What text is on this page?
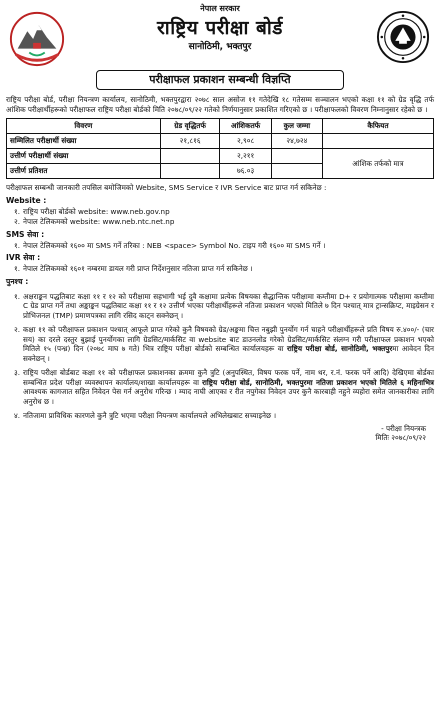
नेपाल सरकार
राष्ट्रिय परीक्षा बोर्ड
सानोठिमी, भक्तपुर
परीक्षाफल प्रकाशन सम्बन्धी विज्ञप्ति

राष्ट्रिय परीक्षा बोर्ड, परीक्षा नियन्त्रण कार्यालय, सानोठिमी, भक्तपुरद्वारा २०७८ साल असोज ११ गतेदेखि १८ गतेसम्म सञ्चालन भएको कक्षा ११ को ग्रेड वृद्धि तर्फ आंशिक परीक्षार्थीहरूको परीक्षाफल राष्ट्रिय परीक्षा बोर्डको मिति २०७८/०९/२२ गतेको निर्णयानुसार प्रकाशित गरिएको छ । परीक्षाफलको विवरण निम्नानुसार रहेको छ ।

विवरण	ग्रेड वृद्धितर्फ	आंशिकतर्फ	कुल जम्मा	कैफियत
सम्मिलित परीक्षार्थी संख्या	२१,८१६	२,९०८	२४,७२४	
उत्तीर्ण परीक्षार्थी संख्या		२,२११		आंशिक तर्फको मात्र
उत्तीर्ण प्रतिशत		७६.०३		
परीक्षाफल सम्बन्धी जानकारी तपसिल बमोजिमको Website, SMS Service र IVR Service बाट प्राप्त गर्न सकिनेछ :
Website :
१. राष्ट्रिय परीक्षा बोर्डको website: www.neb.gov.np
२. नेपाल टेलिकमको website: www.neb.ntc.net.np
SMS सेवा :
१. नेपाल टेलिकमको १६०० मा SMS गर्ने तरिका : NEB <space> Symbol No. टाइप गरी १६०० मा SMS गर्ने ।
IVR सेवा :
१. नेपाल टेलिकमको १६०१ नम्बरमा डायल गरी प्राप्त निर्देशनुसार नतिजा प्राप्त गर्न सकिनेछ ।
पुनश्च :
१. अक्षराङ्कन पद्धतिबाट कक्षा ११ र १२ को परीक्षामा सहभागी भई दुवै कक्षामा प्रत्येक विषयका सैद्धान्तिक परीक्षामा कम्तीमा D+ र प्रयोगात्मक परीक्षामा कम्तीमा C ग्रेड प्राप्त गर्ने तथा अङ्काङ्कन पद्धतिबाट कक्षा ११ र १२ उत्तीर्ण भएका परीक्षार्थीहरूले नतिजा प्रकाशन भएको मितिले ७ दिन पश्चात् मात्र ट्रान्सक्रिप्ट, माइग्रेसन र प्रोभिजनल (TMP) प्रमाणपत्रका लागि रसिद काट्न सक्नेछन् ।
२. कक्षा ११ को परीक्षाफल प्रकाशन पश्चात् आफूले प्राप्त गरेको कुनै विषयको ग्रेड/अङ्कमा चित्त नबुझी पुनर्योग गर्न चाहने परीक्षार्थीहरूले प्रति विषय रु.४००/- (चार सय) का दरले दस्तुर बुझाई पुनर्योगका लागि ग्रेडसिट/मार्कसिट वा website बाट डाउनलोड गरेको ग्रेडसिट/मार्कसिट संलग्न गरी परीक्षाफल प्रकाशन भएको मितिले १५ (पन्ध्र) दिन (२०७८ माघ ७ गते) भित्र राष्ट्रिय परीक्षा बोर्डको सम्बन्धित कार्यालयहरू वा राष्ट्रिय परीक्षा बोर्ड, सानोठिमी, भक्तपुरमा आवेदन दिन सक्नेछन् ।
३. राष्ट्रिय परीक्षा बोर्डबाट कक्षा ११ को परीक्षाफल प्रकाशनका क्रममा कुनै त्रुटि (अनुपस्थित, विषय फरक पर्ने, नाम थर, र.नं. फरक पर्ने आदि) देखिएमा बोर्डका सम्बन्धित प्रदेश परीक्षा व्यवस्थापन कार्यालय/शाखा कार्यालयहरू वा राष्ट्रिय परीक्षा बोर्ड, सानोठिमी, भक्तपुरमा नतिजा प्रकाशन भएको मितिले ६ महिनाभित्र आवश्यक कागजात सहित निवेदन पेस गर्न अनुरोध गरिन्छ । म्याद नाघी आएका र रीत नपुगेका निवेदन उपर कुनै कारबाही नहुने व्यहोरा समेत जानकारीका लागि अनुरोध छ ।
४. नतिजामा प्राविधिक कारणले कुनै त्रुटि भएमा परीक्षा नियन्त्रण कार्यालयले अभिलेखबाट सच्याइनेछ ।
- परीक्षा नियन्त्रक
मितिः २०७८/०९/२२
